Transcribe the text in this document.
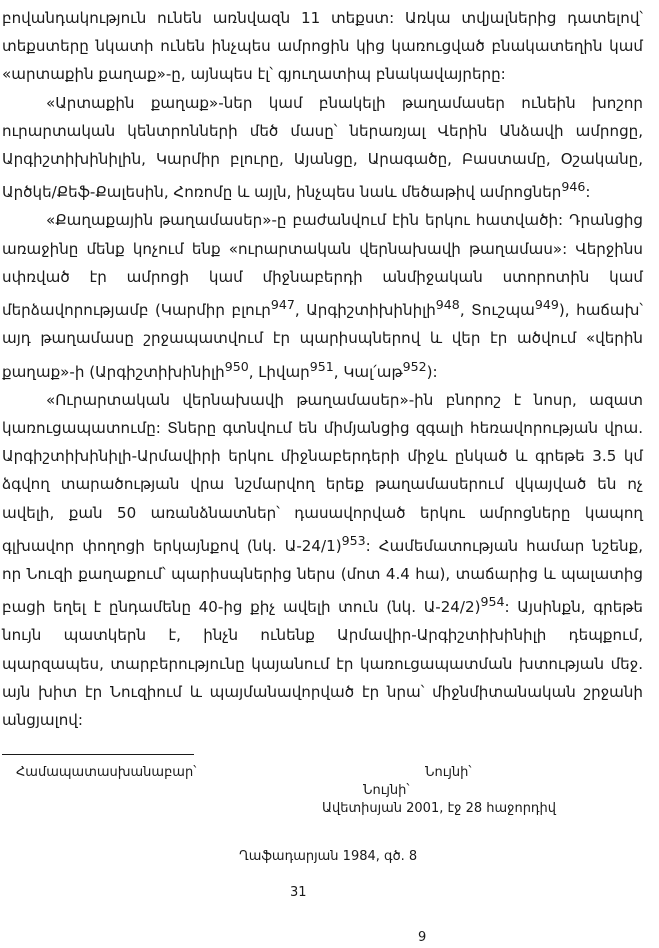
բովանդակություն ունեն առնվազն 11 տեքստ: Առկա տվյալներից դատելով՝ տեքստերը նկատի ունեն ինչպես ամրոցին կից կառուցված բնակատեղին կամ «արտաքին քաղաք»-ը, այնպես էլ՝ գյուղատիպ բնակավայրերը:

«Արտաքին քաղաք»-ներ կամ բնակելի թաղամասեր ունեին խոշոր ուրարտական կենտրոնների մեծ մասը՝ ներառյալ Վերին Անձավի ամրոցը, Արգիշտիխինիլին, Կարմիր բլուրը, Այանցը, Արագածը, Բաստամը, Օշականը, Արծկե/Քեֆ-Քալեսին, Հոռոմը և այլն, ինչպես նաև մեծաթիվ ամրոցներ$^{946}$:

«Քաղաքային թաղամասեր»-ը բաժանվում էին երկու հատվածի: Դրանցից առաջինը մենք կոչում ենք «ուրարտական վերնախավի թաղամաս»: Վերջինս սփռված էր ամրոցի կամ միջնաբերդի անմիջական ստորոտին կամ մերձավորությամբ (Կարմիր բլուր$^{947}$, Արգիշտիխինիլի$^{948}$, Տուշպա$^{949}$), հաճախ՝ այդ թաղամասը շրջապատվում էր պարիսպներով և վեր էր ածվում «վերին քաղաք»-ի (Արգիշտիխինիլի$^{950}$, Լիվար$^{951}$, Կալ՛աթ$^{952}$):

«Ուրարտական վերնախավի թաղամասեր»-ին բնորոշ է նոսր, ազատ կառուցապատումը: Տները գտնվում են միմյանցից զգալի հեռավորության վրա. Արգիշտիխինիլի-Արմավիրի երկու միջնաբերդերի միջև ընկած և գրեթե 3.5 կմ ձգվող տարածության վրա նշմարվող երեք թաղամասերում վկայված են ոչ ավելի, քան 50 առանձնատներ՝ դասավորված երկու ամրոցները կապող գլխավոր փողոցի երկայնքով (նկ. Ա-24/1)$^{953}$: Համեմատության համար նշենք, որ Նուզի քաղաքում՝ պարիսպներից ներս (մոտ 4.4 հա), տաճարից և պալատից բացի եղել է ընդամենը 40-ից քիչ ավելի տուն (նկ. Ա-24/2)$^{954}$: Այսինքն, գրեթե նույն պատկերն է, ինչն ունենք Արմավիր-Արգիշտիխինիլի դեպքում, պարզապես, տարբերությունը կայանում էր կառուցապատման խտության մեջ. այն խիտ էր Նուզիում և պայմանավորված էր նրա՝ միջնմիտանական շրջանի անցյալով:

Համապատասխանաբար՝	Նույնի՝
Նույնի՝
Ավետիսյան 2001, էջ 28 հաջորդիվ
Ղաֆադարյան 1984, գծ. 8
31
9
